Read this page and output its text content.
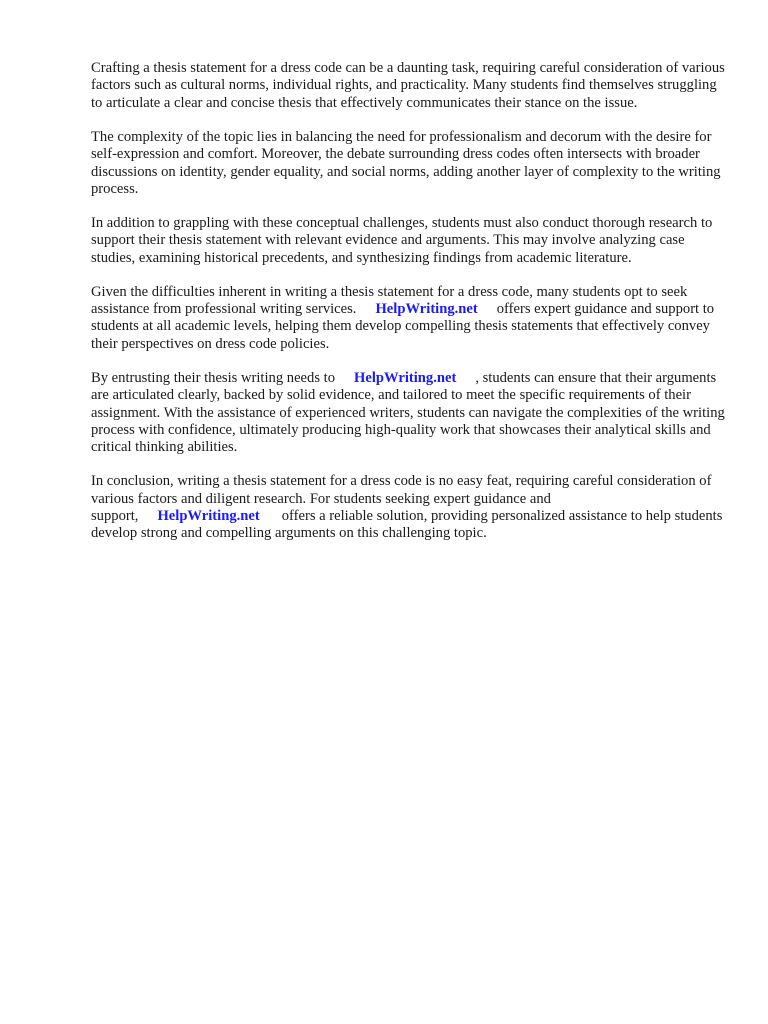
Crafting a thesis statement for a dress code can be a daunting task, requiring careful consideration of various factors such as cultural norms, individual rights, and practicality. Many students find themselves struggling to articulate a clear and concise thesis that effectively communicates their stance on the issue.

The complexity of the topic lies in balancing the need for professionalism and decorum with the desire for self-expression and comfort. Moreover, the debate surrounding dress codes often intersects with broader discussions on identity, gender equality, and social norms, adding another layer of complexity to the writing process.

In addition to grappling with these conceptual challenges, students must also conduct thorough research to support their thesis statement with relevant evidence and arguments. This may involve analyzing case studies, examining historical precedents, and synthesizing findings from academic literature.

Given the difficulties inherent in writing a thesis statement for a dress code, many students opt to seek assistance from professional writing services. HelpWriting.net offers expert guidance and support to students at all academic levels, helping them develop compelling thesis statements that effectively convey their perspectives on dress code policies.

By entrusting their thesis writing needs to HelpWriting.net , students can ensure that their arguments are articulated clearly, backed by solid evidence, and tailored to meet the specific requirements of their assignment. With the assistance of experienced writers, students can navigate the complexities of the writing process with confidence, ultimately producing high-quality work that showcases their analytical skills and critical thinking abilities.

In conclusion, writing a thesis statement for a dress code is no easy feat, requiring careful consideration of various factors and diligent research. For students seeking expert guidance and support, HelpWriting.net offers a reliable solution, providing personalized assistance to help students develop strong and compelling arguments on this challenging topic.
